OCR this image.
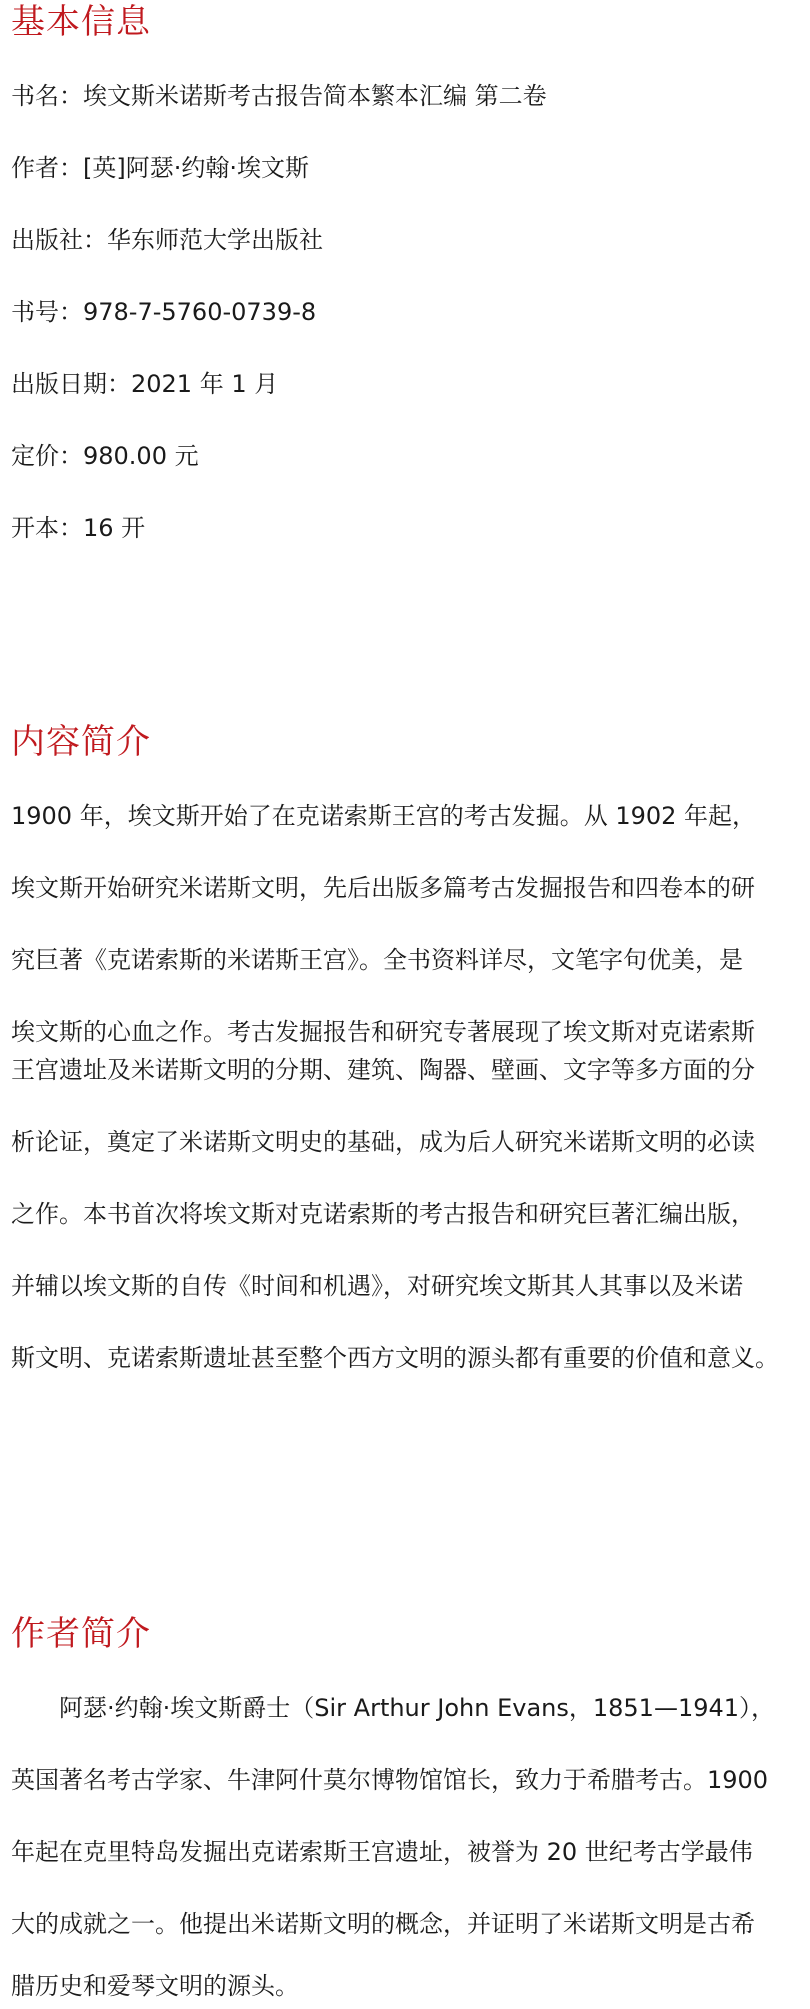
基本信息

书名：埃文斯米诺斯考古报告简本繁本汇编 第二卷

作者：[英]阿瑟·约翰·埃文斯

出版社：华东师范大学出版社

书号：978-7-5760-0739-8

出版日期：2021 年 1 月

定价：980.00 元

开本：16 开

内容简介

1900 年，埃文斯开始了在克诺索斯王宫的考古发掘。从 1902 年起，

埃文斯开始研究米诺斯文明，先后出版多篇考古发掘报告和四卷本的研

究巨著《克诺索斯的米诺斯王宫》。全书资料详尽，文笔字句优美，是

埃文斯的心血之作。考古发掘报告和研究专著展现了埃文斯对克诺索斯

王宫遗址及米诺斯文明的分期、建筑、陶器、壁画、文字等多方面的分

析论证，奠定了米诺斯文明史的基础，成为后人研究米诺斯文明的必读

之作。本书首次将埃文斯对克诺索斯的考古报告和研究巨著汇编出版，

并辅以埃文斯的自传《时间和机遇》，对研究埃文斯其人其事以及米诺

斯文明、克诺索斯遗址甚至整个西方文明的源头都有重要的价值和意义。

作者简介

　　阿瑟·约翰·埃文斯爵士（Sir Arthur John Evans，1851—1941），

英国著名考古学家、牛津阿什莫尔博物馆馆长，致力于希腊考古。1900

年起在克里特岛发掘出克诺索斯王宫遗址，被誉为 20 世纪考古学最伟

大的成就之一。他提出米诺斯文明的概念，并证明了米诺斯文明是古希

腊历史和爱琴文明的源头。
